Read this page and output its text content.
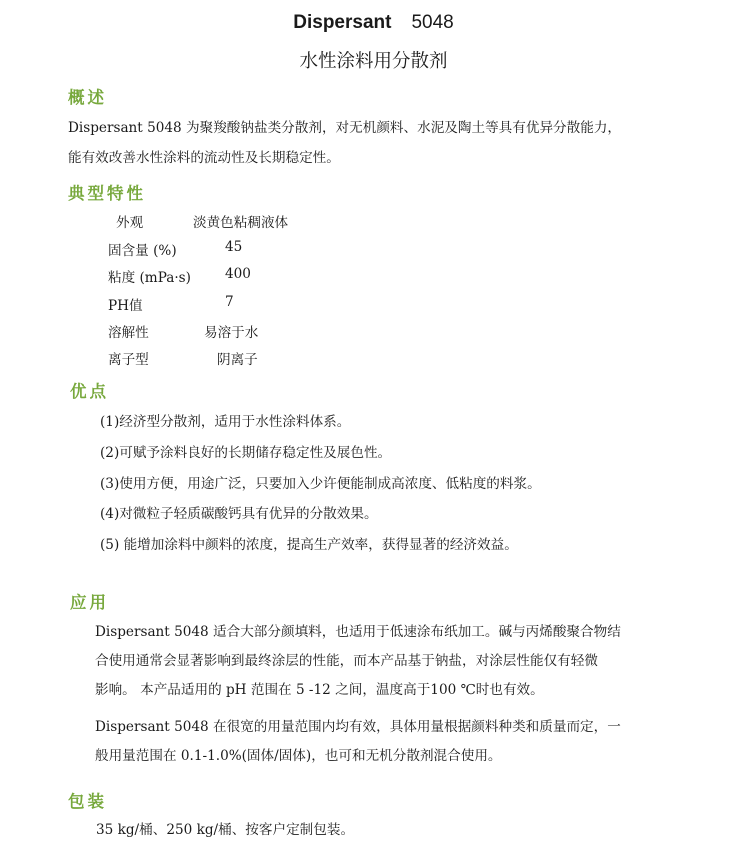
Dispersant 5048
水性涂料用分散剂
概述
Dispersant 5048 为聚羧酸钠盐类分散剂，对无机颜料、水泥及陶土等具有优异分散能力，
能有效改善水性涂料的流动性及长期稳定性。
典型特性
外观	淡黄色粘稠液体
固含量 (%)	45
粘度 (mPa·s)	400
PH值	7
溶解性	易溶于水
离子型	阴离子
优点
(1)经济型分散剂，适用于水性涂料体系。
(2)可赋予涂料良好的长期储存稳定性及展色性。
(3)使用方便，用途广泛，只要加入少许便能制成高浓度、低粘度的料浆。
(4)对微粒子轻质碳酸钙具有优异的分散效果。
(5) 能增加涂料中颜料的浓度，提高生产效率，获得显著的经济效益。
应用
Dispersant 5048 适合大部分颜填料，也适用于低速涂布纸加工。碱与丙烯酸聚合物结
合使用通常会显著影响到最终涂层的性能，而本产品基于钠盐，对涂层性能仅有轻微
影响。 本产品适用的 pH 范围在 5 -12 之间，温度高于100 ℃时也有效。
Dispersant 5048 在很宽的用量范围内均有效，具体用量根据颜料种类和质量而定，一
般用量范围在 0.1-1.0%(固体/固体)，也可和无机分散剂混合使用。
包装
35 kg/桶、250 kg/桶、按客户定制包装。
